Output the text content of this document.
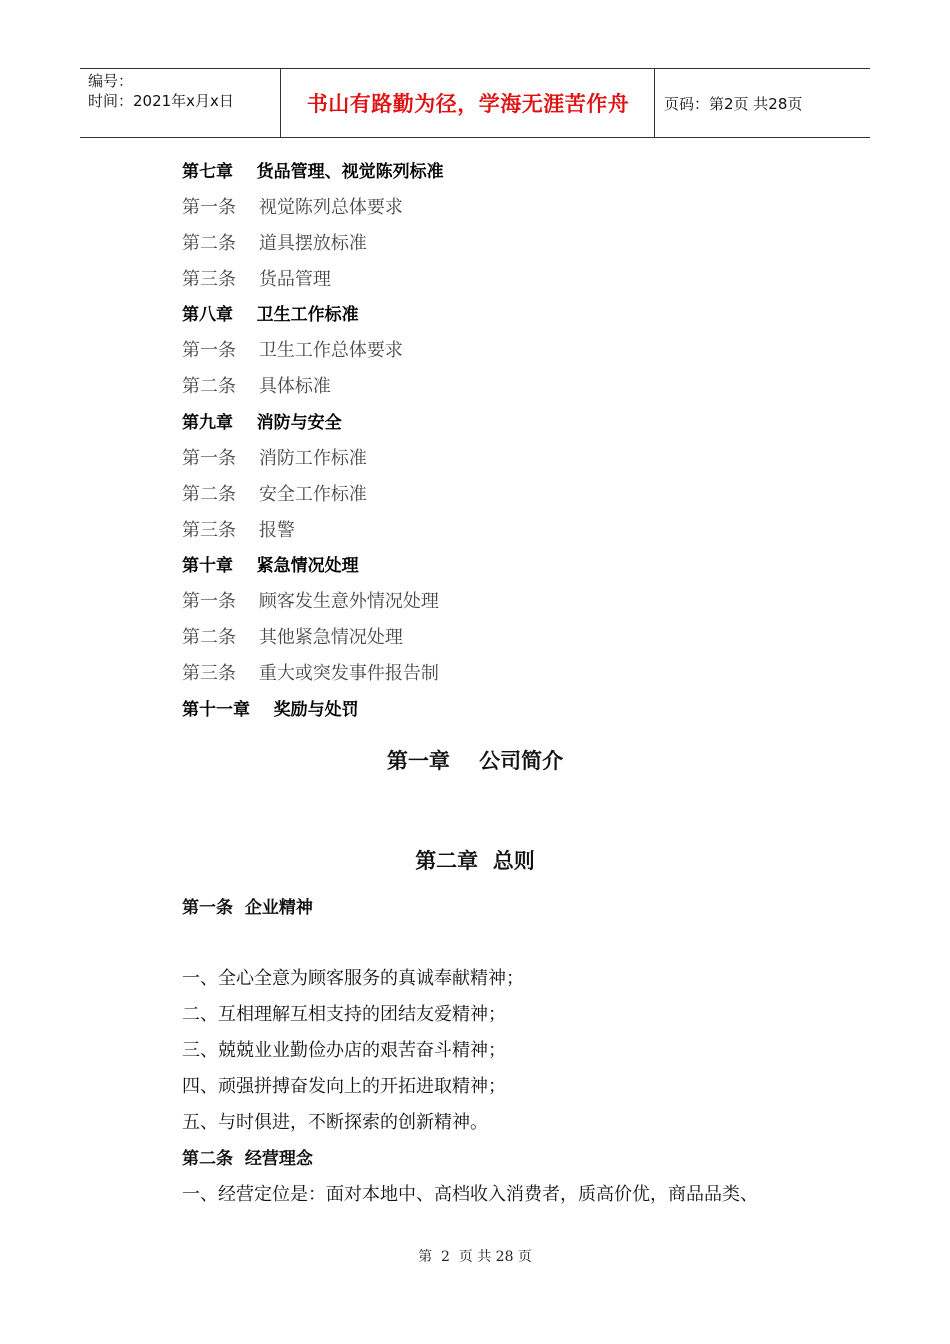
编号：
时间：2021年x月x日	书山有路勤为径，学海无涯苦作舟	页码：第2页 共28页
第七章    货品管理、视觉陈列标准
第一条    视觉陈列总体要求
第二条    道具摆放标准
第三条    货品管理
第八章    卫生工作标准
第一条    卫生工作总体要求
第二条    具体标准
第九章    消防与安全
第一条    消防工作标准
第二条    安全工作标准
第三条    报警
第十章    紧急情况处理
第一条    顾客发生意外情况处理
第二条    其他紧急情况处理
第三条    重大或突发事件报告制
第十一章    奖励与处罚
第一章    公司简介
第二章  总则
第一条  企业精神
一、全心全意为顾客服务的真诚奉献精神；
二、互相理解互相支持的团结友爱精神；
三、兢兢业业勤俭办店的艰苦奋斗精神；
四、顽强拼搏奋发向上的开拓进取精神；
五、与时俱进，不断探索的创新精神。
第二条  经营理念
一、经营定位是：面对本地中、高档收入消费者，质高价优，商品品类、
第  2  页 共 28 页
